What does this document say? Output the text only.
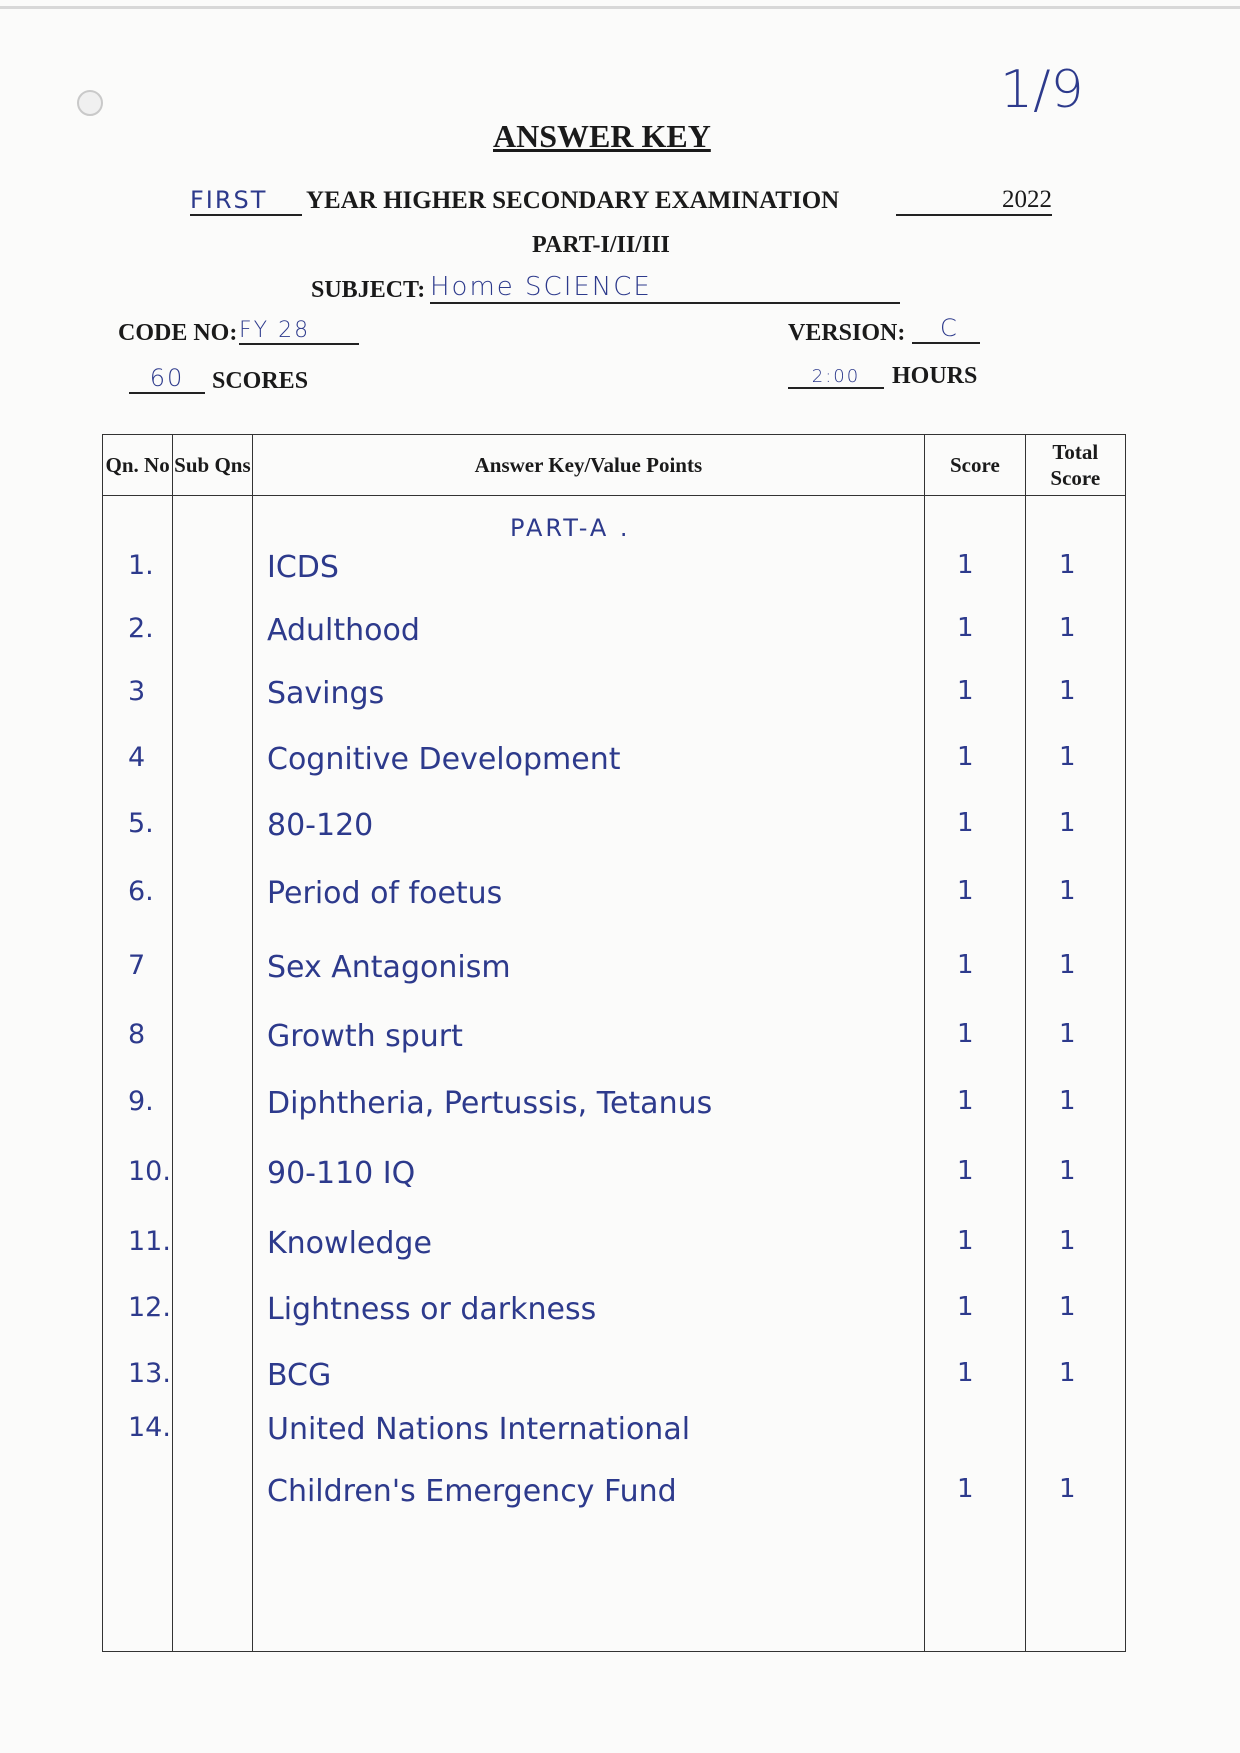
1/9
ANSWER KEY
FIRST YEAR HIGHER SECONDARY EXAMINATION	2022
PART-I/II/III
SUBJECT: Home SCIENCE
CODE NO: FY 28	VERSION:	C
60	SCORES	2:00	HOURS
Qn. No	Sub Qns	Answer Key/Value Points	Score	Total Score

PART-A .
1.	ICDS	1	1
2.	Adulthood	1	1
3	Savings	1	1
4	Cognitive Development	1	1
5.	80-120	1	1
6.	Period of foetus	1	1
7	Sex Antagonism	1	1
8	Growth spurt	1	1
9.	Diphtheria, Pertussis, Tetanus	1	1
10.	90-110 IQ	1	1
11.	Knowledge	1	1
12.	Lightness or darkness	1	1
13.	BCG	1	1
14.	United Nations International
Children's Emergency Fund	1	1
